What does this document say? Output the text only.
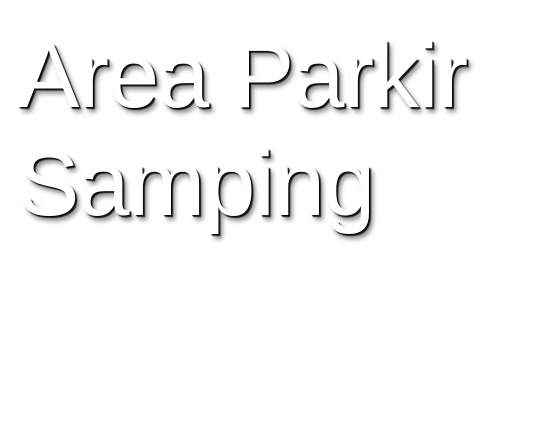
Area Parkir
Samping
